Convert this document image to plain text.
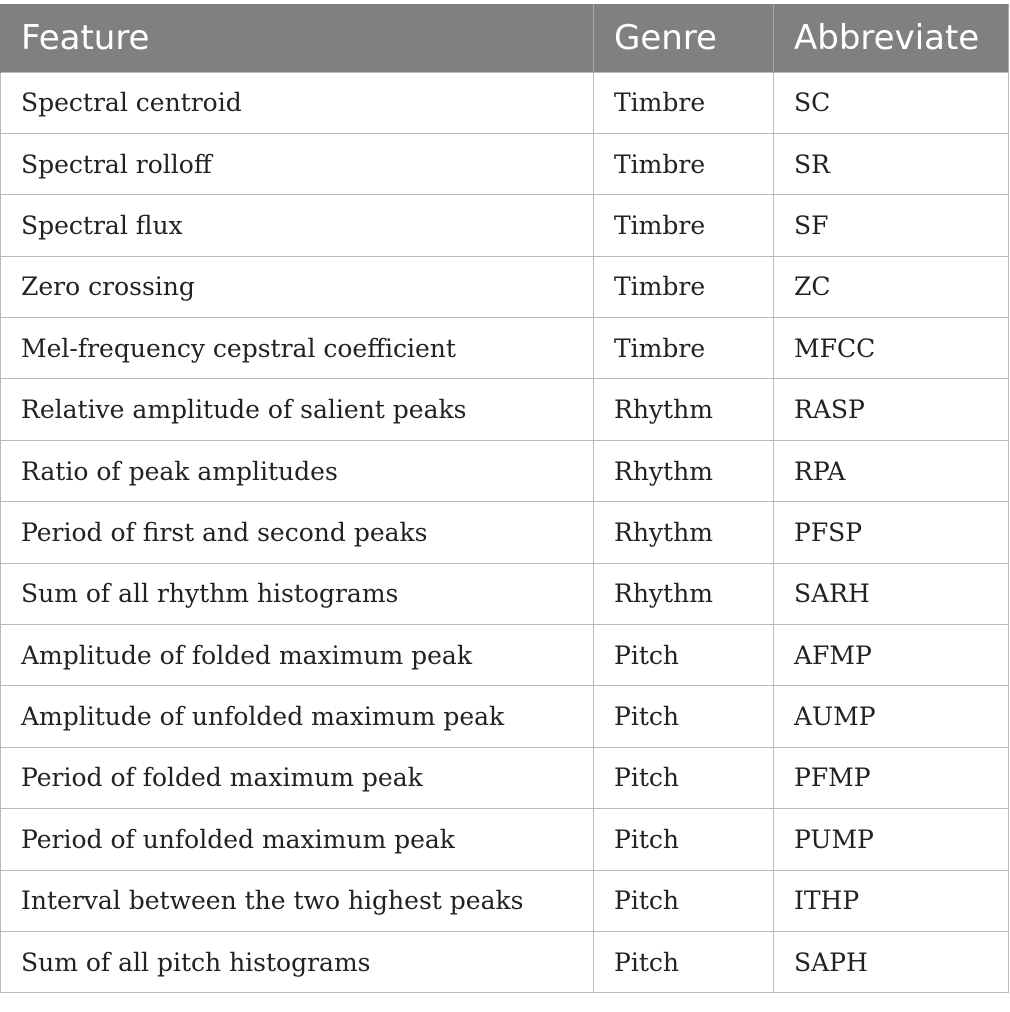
Feature	Genre	Abbreviate
Spectral centroid	Timbre	SC
Spectral rolloff	Timbre	SR
Spectral flux	Timbre	SF
Zero crossing	Timbre	ZC
Mel-frequency cepstral coefficient	Timbre	MFCC
Relative amplitude of salient peaks	Rhythm	RASP
Ratio of peak amplitudes	Rhythm	RPA
Period of first and second peaks	Rhythm	PFSP
Sum of all rhythm histograms	Rhythm	SARH
Amplitude of folded maximum peak	Pitch	AFMP
Amplitude of unfolded maximum peak	Pitch	AUMP
Period of folded maximum peak	Pitch	PFMP
Period of unfolded maximum peak	Pitch	PUMP
Interval between the two highest peaks	Pitch	ITHP
Sum of all pitch histograms	Pitch	SAPH
